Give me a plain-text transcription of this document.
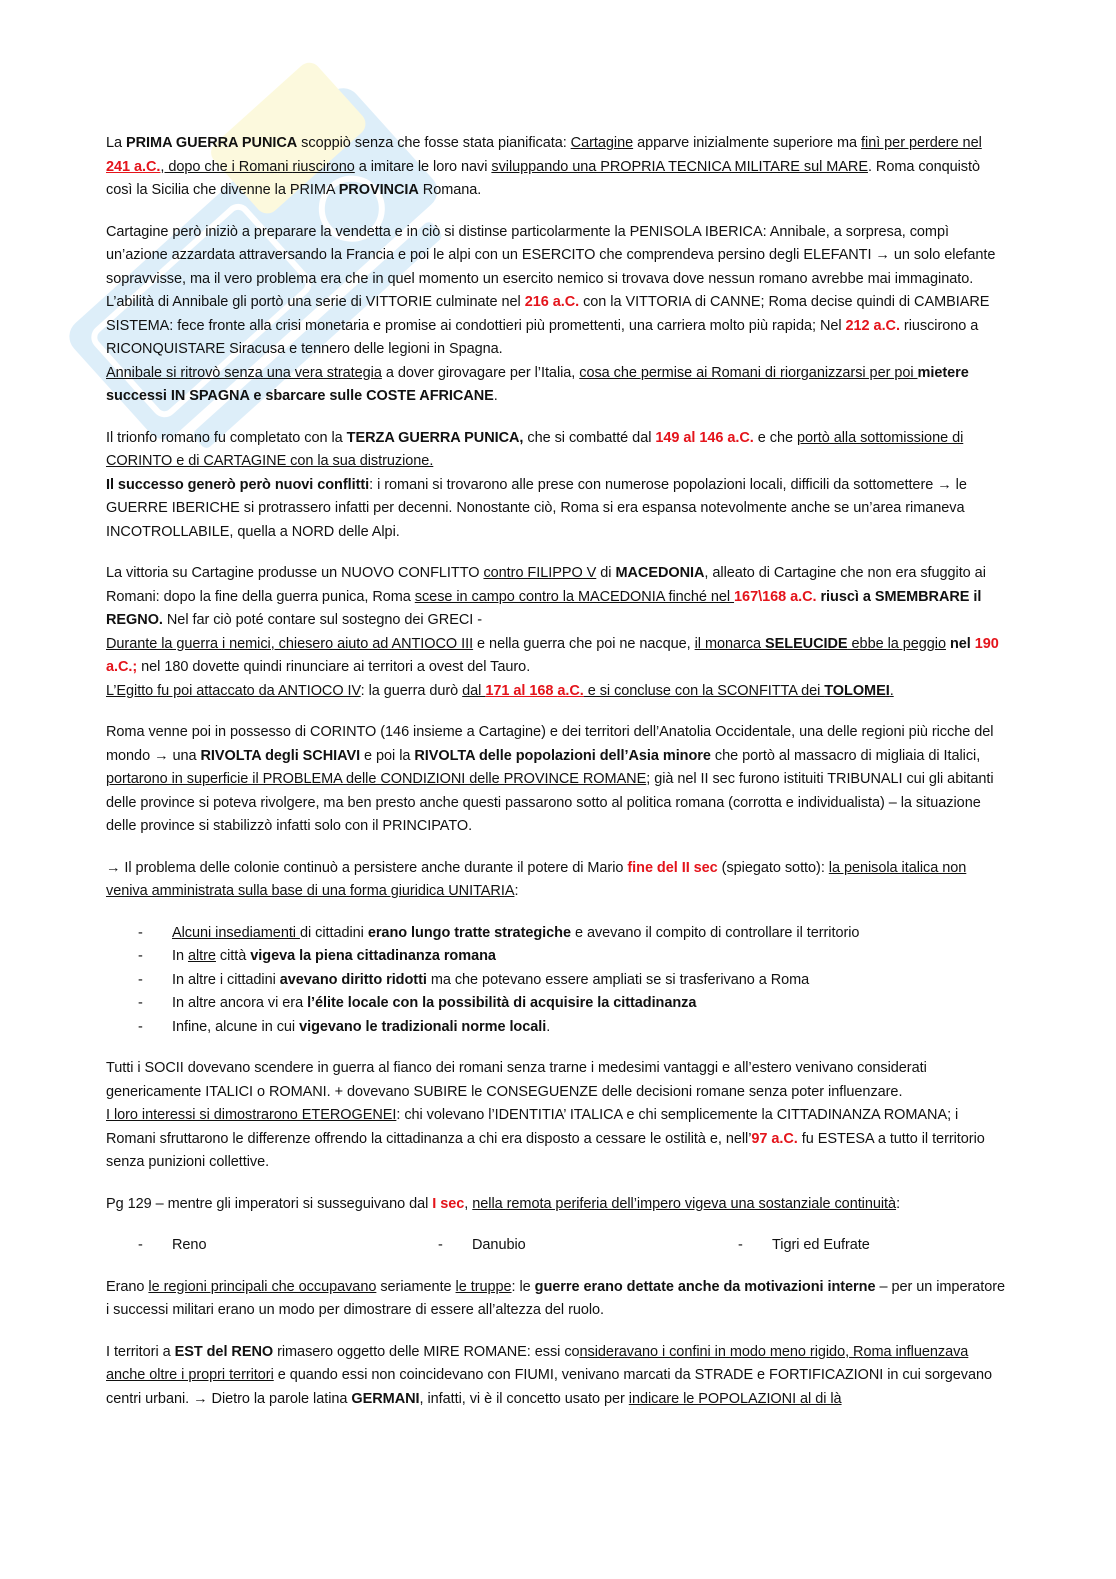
La PRIMA GUERRA PUNICA scoppiò senza che fosse stata pianificata: Cartagine apparve inizialmente superiore ma finì per perdere nel 241 a.C., dopo che i Romani riuscirono a imitare le loro navi sviluppando una PROPRIA TECNICA MILITARE sul MARE. Roma conquistò così la Sicilia che divenne la PRIMA PROVINCIA Romana.

Cartagine però iniziò a preparare la vendetta e in ciò si distinse particolarmente la PENISOLA IBERICA: Annibale, a sorpresa, compì un’azione azzardata attraversando la Francia e poi le alpi con un ESERCITO che comprendeva persino degli ELEFANTI → un solo elefante sopravvisse, ma il vero problema era che in quel momento un esercito nemico si trovava dove nessun romano avrebbe mai immaginato.

L’abilità di Annibale gli portò una serie di VITTORIE culminate nel 216 a.C. con la VITTORIA di CANNE; Roma decise quindi di CAMBIARE SISTEMA: fece fronte alla crisi monetaria e promise ai condottieri più promettenti, una carriera molto più rapida; Nel 212 a.C. riuscirono a RICONQUISTARE Siracusa e tennero delle legioni in Spagna.

Annibale si ritrovò senza una vera strategia a dover girovagare per l’Italia, cosa che permise ai Romani di riorganizzarsi per poi mietere successi IN SPAGNA e sbarcare sulle COSTE AFRICANE.

Il trionfo romano fu completato con la TERZA GUERRA PUNICA, che si combatté dal 149 al 146 a.C. e che portò alla sottomissione di CORINTO e di CARTAGINE con la sua distruzione.

Il successo generò però nuovi conflitti: i romani si trovarono alle prese con numerose popolazioni locali, difficili da sottomettere → le GUERRE IBERICHE si protrassero infatti per decenni. Nonostante ciò, Roma si era espansa notevolmente anche se un’area rimaneva INCOTROLLABILE, quella a NORD delle Alpi.

La vittoria su Cartagine produsse un NUOVO CONFLITTO contro FILIPPO V di MACEDONIA, alleato di Cartagine che non era sfuggito ai Romani: dopo la fine della guerra punica, Roma scese in campo contro la MACEDONIA finché nel 167\168 a.C. riuscì a SMEMBRARE il REGNO. Nel far ciò poté contare sul sostegno dei GRECI -

Durante la guerra i nemici, chiesero aiuto ad ANTIOCO III e nella guerra che poi ne nacque, il monarca SELEUCIDE ebbe la peggio nel 190 a.C.; nel 180 dovette quindi rinunciare ai territori a ovest del Tauro.

L’Egitto fu poi attaccato da ANTIOCO IV: la guerra durò dal 171 al 168 a.C. e si concluse con la SCONFITTA dei TOLOMEI.

Roma venne poi in possesso di CORINTO (146 insieme a Cartagine) e dei territori dell’Anatolia Occidentale, una delle regioni più ricche del mondo → una RIVOLTA degli SCHIAVI e poi la RIVOLTA delle popolazioni dell’Asia minore che portò al massacro di migliaia di Italici, portarono in superficie il PROBLEMA delle CONDIZIONI delle PROVINCE ROMANE; già nel II sec furono istituiti TRIBUNALI cui gli abitanti delle province si poteva rivolgere, ma ben presto anche questi passarono sotto al politica romana (corrotta e individualista) – la situazione delle province si stabilizzò infatti solo con il PRINCIPATO.

→ Il problema delle colonie continuò a persistere anche durante il potere di Mario fine del II sec (spiegato sotto): la penisola italica non veniva amministrata sulla base di una forma giuridica UNITARIA:

- Alcuni insediamenti di cittadini erano lungo tratte strategiche e avevano il compito di controllare il territorio
- In altre città vigeva la piena cittadinanza romana
- In altre i cittadini avevano diritto ridotti ma che potevano essere ampliati se si trasferivano a Roma
- In altre ancora vi era l’élite locale con la possibilità di acquisire la cittadinanza
- Infine, alcune in cui vigevano le tradizionali norme locali.

Tutti i SOCII dovevano scendere in guerra al fianco dei romani senza trarne i medesimi vantaggi e all’estero venivano considerati genericamente ITALICI o ROMANI. + dovevano SUBIRE le CONSEGUENZE delle decisioni romane senza poter influenzare.

I loro interessi si dimostrarono ETEROGENEI: chi volevano l’IDENTITIA’ ITALICA e chi semplicemente la CITTADINANZA ROMANA; i Romani sfruttarono le differenze offrendo la cittadinanza a chi era disposto a cessare le ostilità e, nell’97 a.C. fu ESTESA a tutto il territorio senza punizioni collettive.

Pg 129 – mentre gli imperatori si susseguivano dal I sec, nella remota periferia dell’impero vigeva una sostanziale continuità:

- Reno	- Danubio	- Tigri ed Eufrate

Erano le regioni principali che occupavano seriamente le truppe: le guerre erano dettate anche da motivazioni interne – per un imperatore i successi militari erano un modo per dimostrare di essere all’altezza del ruolo.

I territori a EST del RENO rimasero oggetto delle MIRE ROMANE: essi consideravano i confini in modo meno rigido, Roma influenzava anche oltre i propri territori e quando essi non coincidevano con FIUMI, venivano marcati da STRADE e FORTIFICAZIONI in cui sorgevano centri urbani. → Dietro la parole latina GERMANI, infatti, vi è il concetto usato per indicare le POPOLAZIONI al di là
